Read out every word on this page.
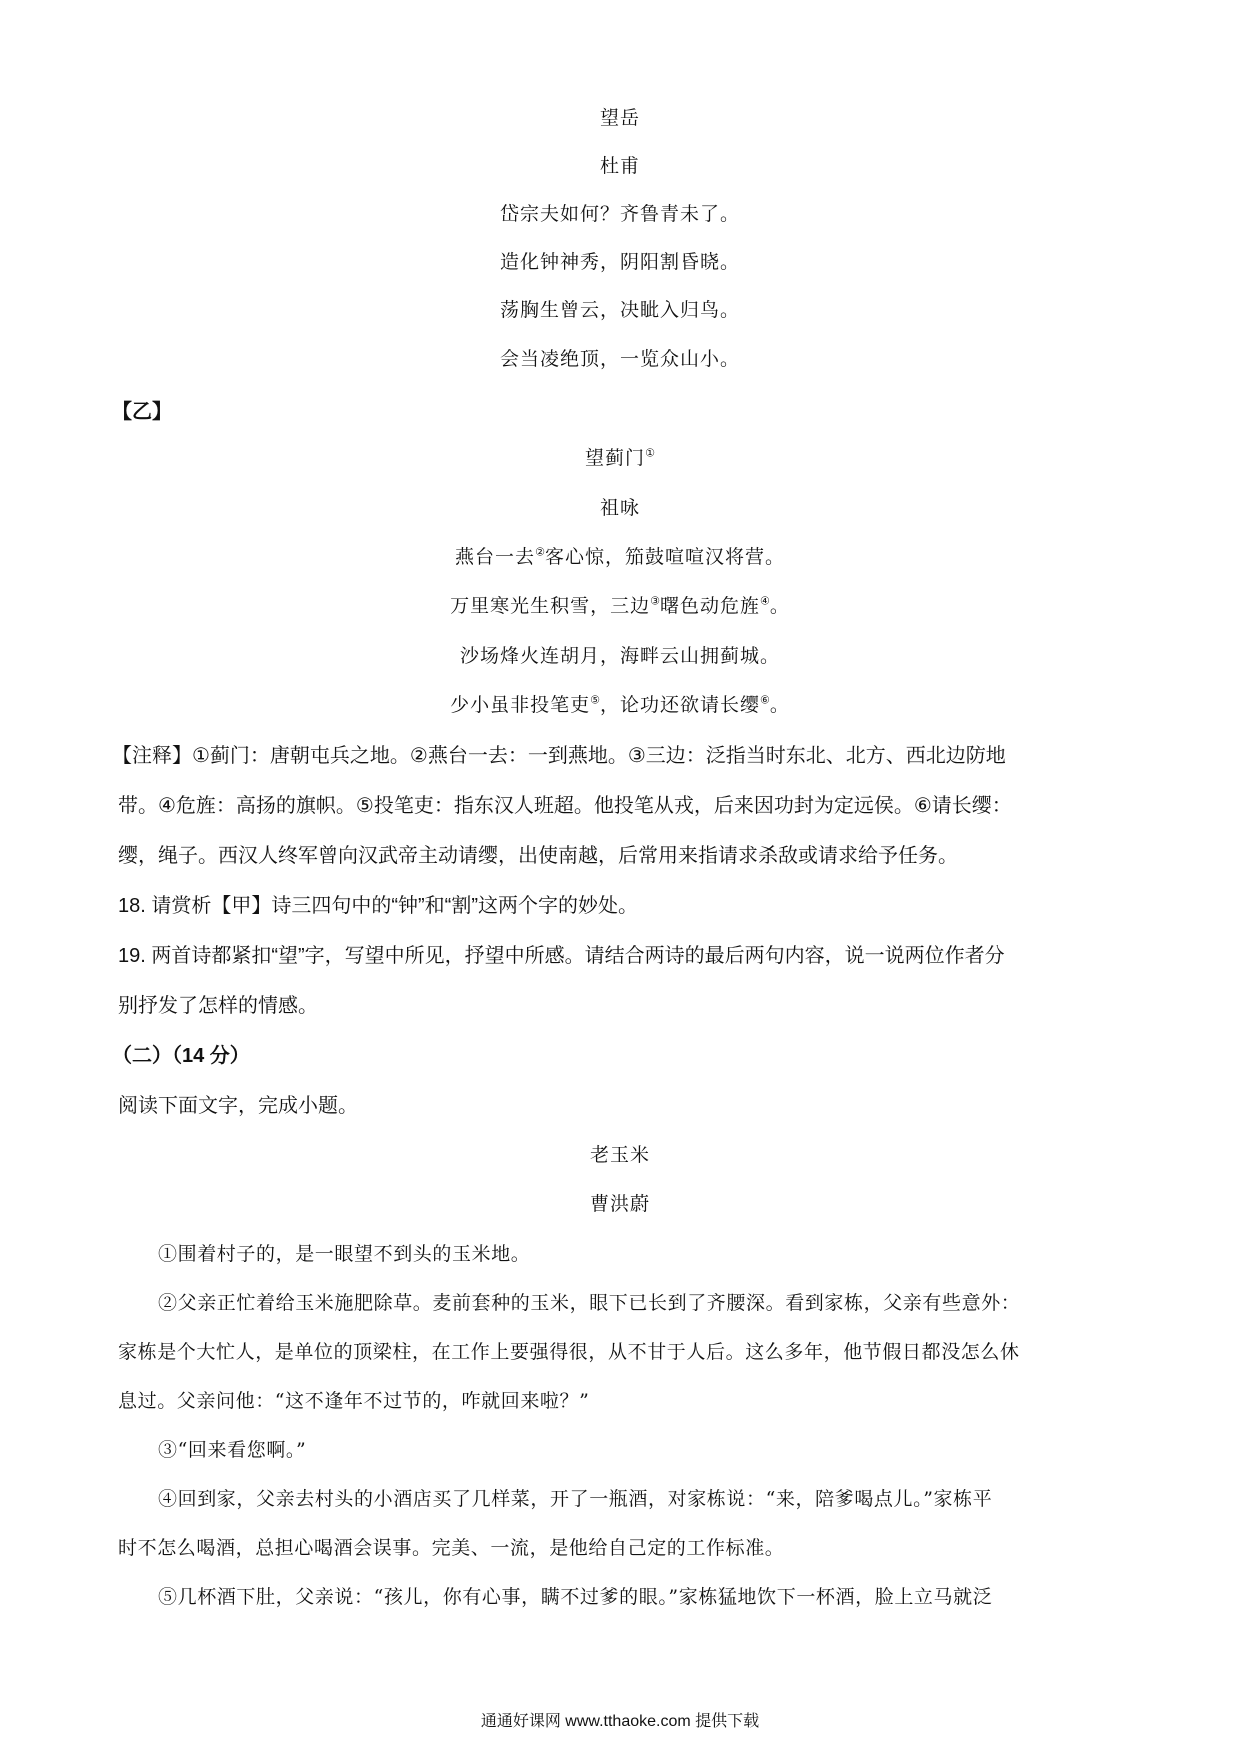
望岳
杜甫
岱宗夫如何？齐鲁青未了。
造化钟神秀，阴阳割昏晓。
荡胸生曾云，决眦入归鸟。
会当凌绝顶，一览众山小。
【乙】
望蓟门①
祖咏
燕台一去②客心惊，笳鼓喧喧汉将营。
万里寒光生积雪，三边③曙色动危旌④。
沙场烽火连胡月，海畔云山拥蓟城。
少小虽非投笔吏⑤，论功还欲请长缨⑥。
【注释】①蓟门：唐朝屯兵之地。②燕台一去：一到燕地。③三边：泛指当时东北、北方、西北边防地
带。④危旌：高扬的旗帜。⑤投笔吏：指东汉人班超。他投笔从戎，后来因功封为定远侯。⑥请长缨：
缨，绳子。西汉人终军曾向汉武帝主动请缨，出使南越，后常用来指请求杀敌或请求给予任务。
18. 请赏析【甲】诗三四句中的“钟”和“割”这两个字的妙处。
19. 两首诗都紧扣“望”字，写望中所见，抒望中所感。请结合两诗的最后两句内容，说一说两位作者分
别抒发了怎样的情感。
（二）（14 分）
阅读下面文字，完成小题。
老玉米
曹洪蔚
①围着村子的，是一眼望不到头的玉米地。
②父亲正忙着给玉米施肥除草。麦前套种的玉米，眼下已长到了齐腰深。看到家栋，父亲有些意外：
家栋是个大忙人，是单位的顶梁柱，在工作上要强得很，从不甘于人后。这么多年，他节假日都没怎么休
息过。父亲问他：“这不逢年不过节的，咋就回来啦？”
③“回来看您啊。”
④回到家，父亲去村头的小酒店买了几样菜，开了一瓶酒，对家栋说：“来，陪爹喝点儿。”家栋平
时不怎么喝酒，总担心喝酒会误事。完美、一流，是他给自己定的工作标准。
⑤几杯酒下肚，父亲说：“孩儿，你有心事，瞒不过爹的眼。”家栋猛地饮下一杯酒，脸上立马就泛
通通好课网 www.tthaoke.com 提供下载
